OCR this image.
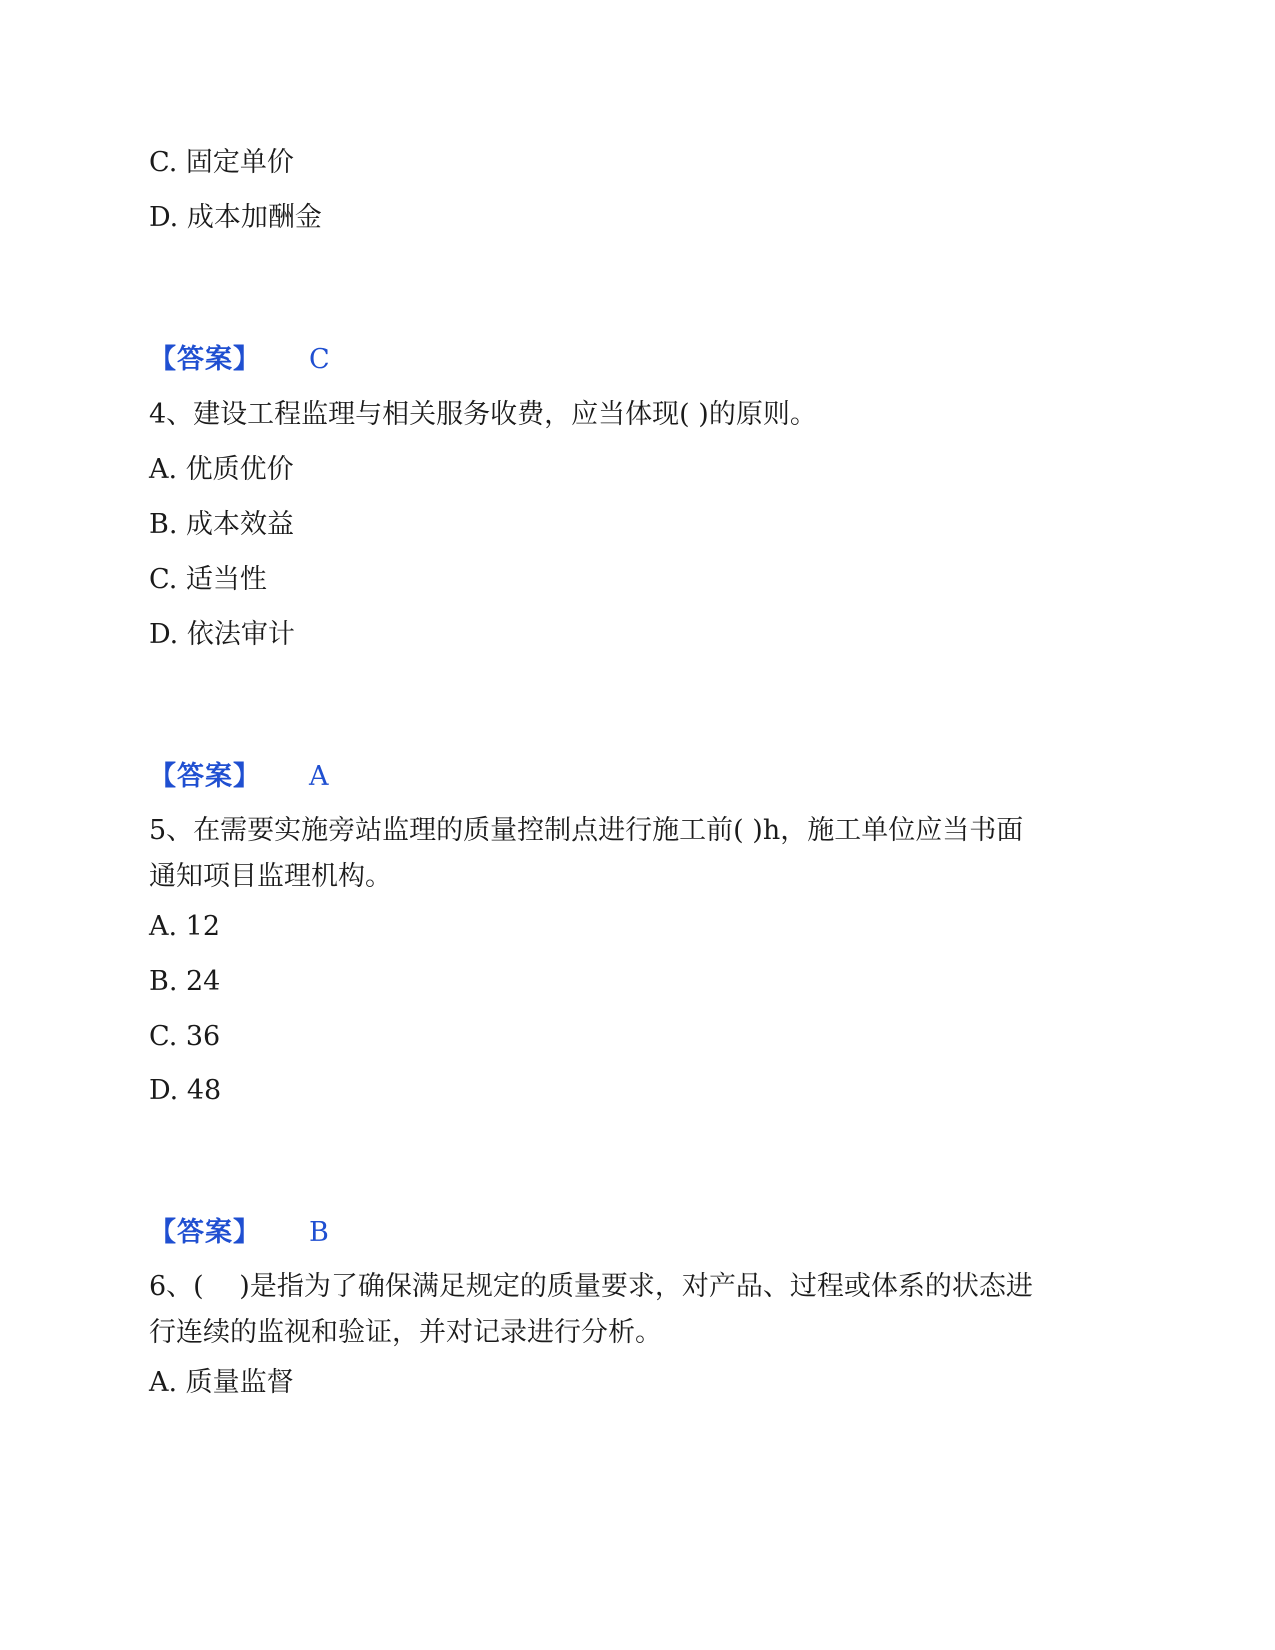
C. 固定单价
D. 成本加酬金
【答案】 C
4、建设工程监理与相关服务收费，应当体现( )的原则。
A. 优质优价
B. 成本效益
C. 适当性
D. 依法审计
【答案】 A
5、在需要实施旁站监理的质量控制点进行施工前( )h，施工单位应当书面
通知项目监理机构。
A. 12
B. 24
C. 36
D. 48
【答案】 B
6、(　 )是指为了确保满足规定的质量要求，对产品、过程或体系的状态进
行连续的监视和验证，并对记录进行分析。
A. 质量监督
